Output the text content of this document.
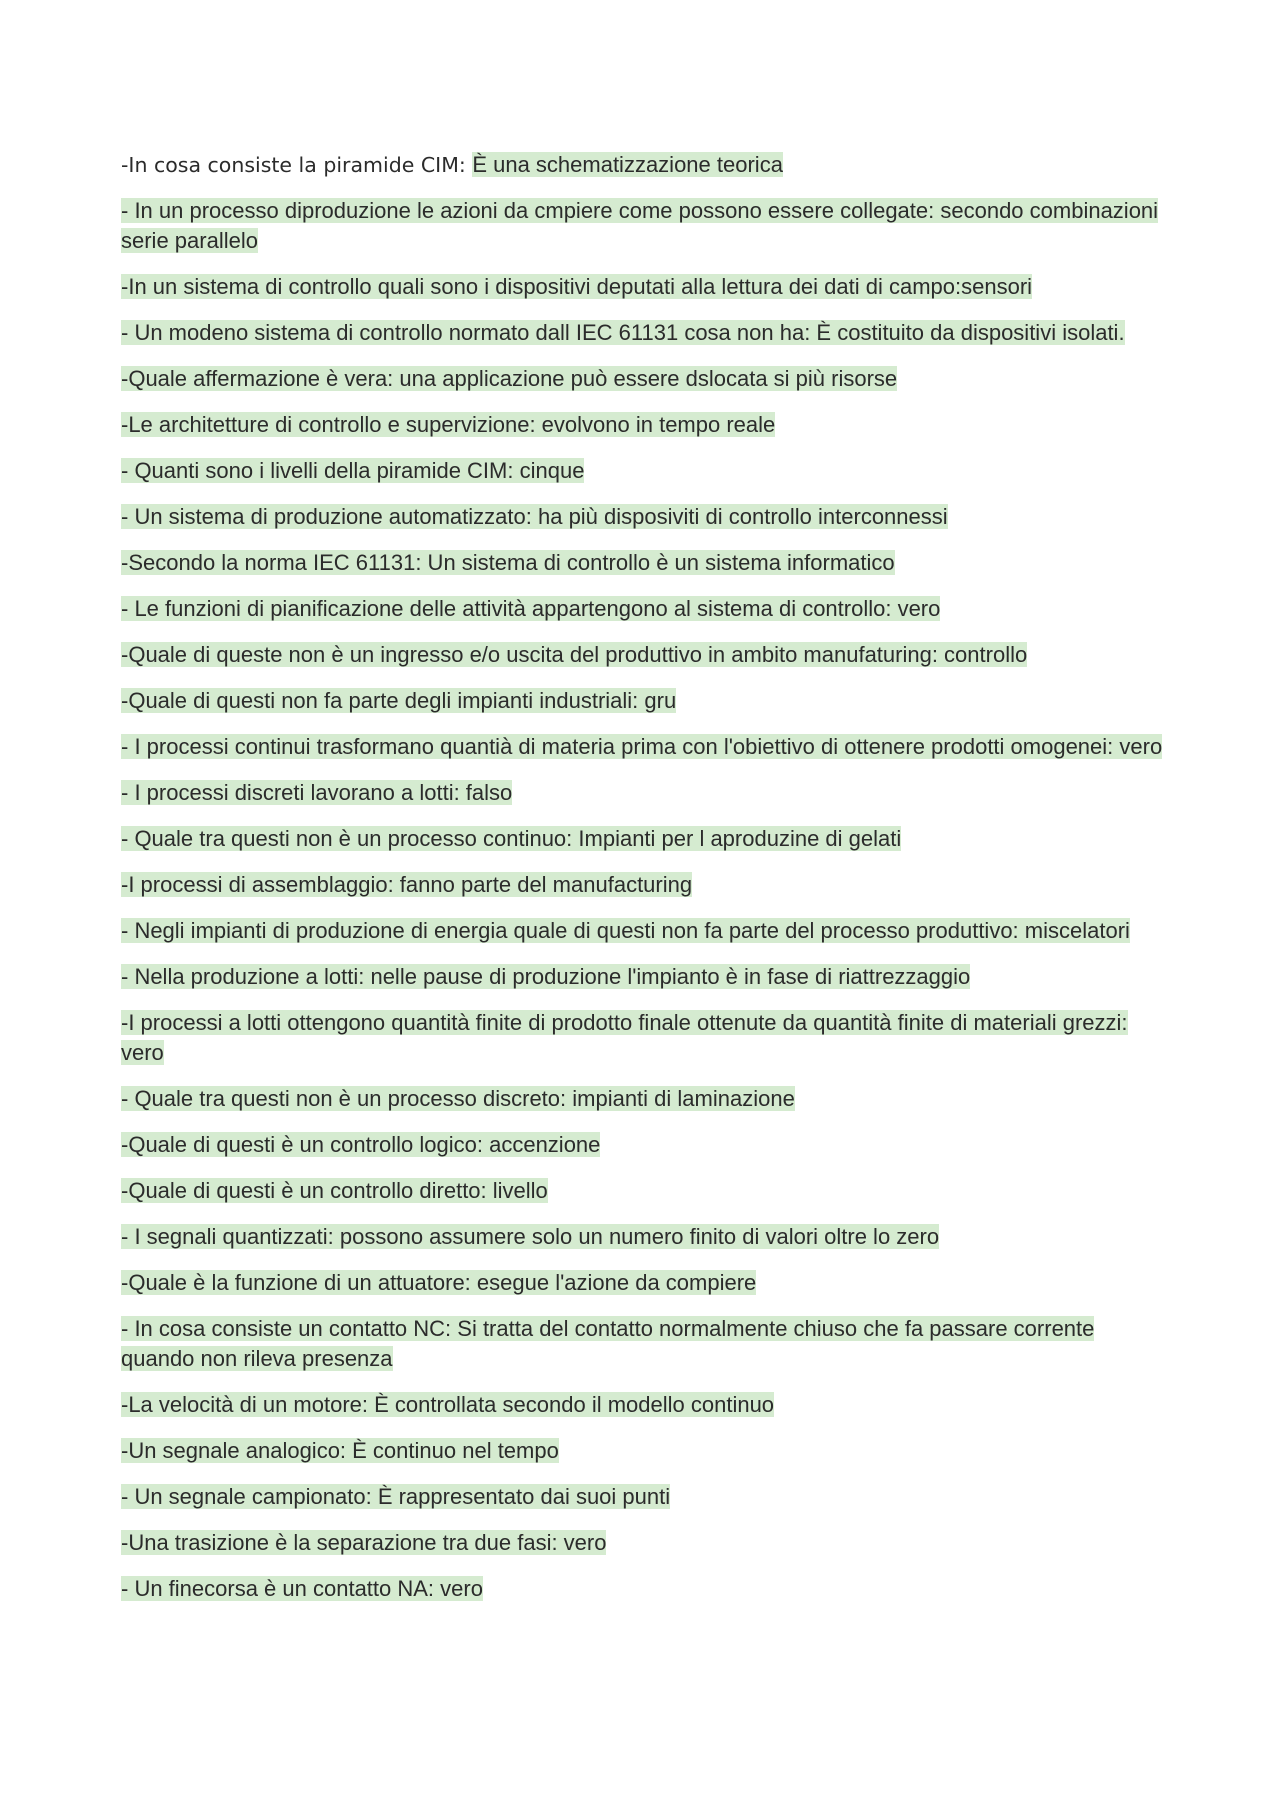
-In cosa consiste la piramide CIM: È una schematizzazione teorica

- In un processo diproduzione le azioni da cmpiere come possono essere collegate: secondo combinazioni serie parallelo

-In un sistema di controllo quali sono i dispositivi deputati alla lettura dei dati di campo:sensori

- Un modeno sistema di controllo normato dall IEC 61131 cosa non ha: È costituito da dispositivi isolati.

-Quale affermazione è vera: una applicazione può essere dslocata si più risorse

-Le architetture di controllo e supervizione: evolvono in tempo reale

- Quanti sono i livelli della piramide CIM: cinque

- Un sistema di produzione automatizzato: ha più disposiviti di controllo interconnessi

-Secondo la norma IEC 61131: Un sistema di controllo è un sistema informatico

- Le funzioni di pianificazione delle attività appartengono al sistema di controllo: vero

-Quale di queste non è un ingresso e/o uscita del produttivo in ambito manufaturing: controllo

-Quale di questi non fa parte degli impianti industriali: gru

- I processi continui trasformano quantià di materia prima con l'obiettivo di ottenere prodotti omogenei: vero

- I processi discreti lavorano a lotti: falso

- Quale tra questi non è un processo continuo: Impianti per l aproduzine di gelati

-I processi di assemblaggio: fanno parte del manufacturing

- Negli impianti di produzione di energia quale di questi non fa parte del processo produttivo: miscelatori

- Nella produzione a lotti: nelle pause di produzione l'impianto è in fase di riattrezzaggio

-I processi a lotti ottengono quantità finite di prodotto finale ottenute da quantità finite di materiali grezzi: vero

- Quale tra questi non è un processo discreto: impianti di laminazione

-Quale di questi è un controllo logico: accenzione

-Quale di questi è un controllo diretto: livello

- I segnali quantizzati: possono assumere solo un numero finito di valori oltre lo zero

-Quale è la funzione di un attuatore: esegue l'azione da compiere

- In cosa consiste un contatto NC: Si tratta del contatto normalmente chiuso che fa passare corrente quando non rileva presenza

-La velocità di un motore: È controllata secondo il modello continuo

-Un segnale analogico: È continuo nel tempo

- Un segnale campionato: È rappresentato dai suoi punti

-Una trasizione è la separazione tra due fasi: vero

- Un finecorsa è un contatto NA: vero
